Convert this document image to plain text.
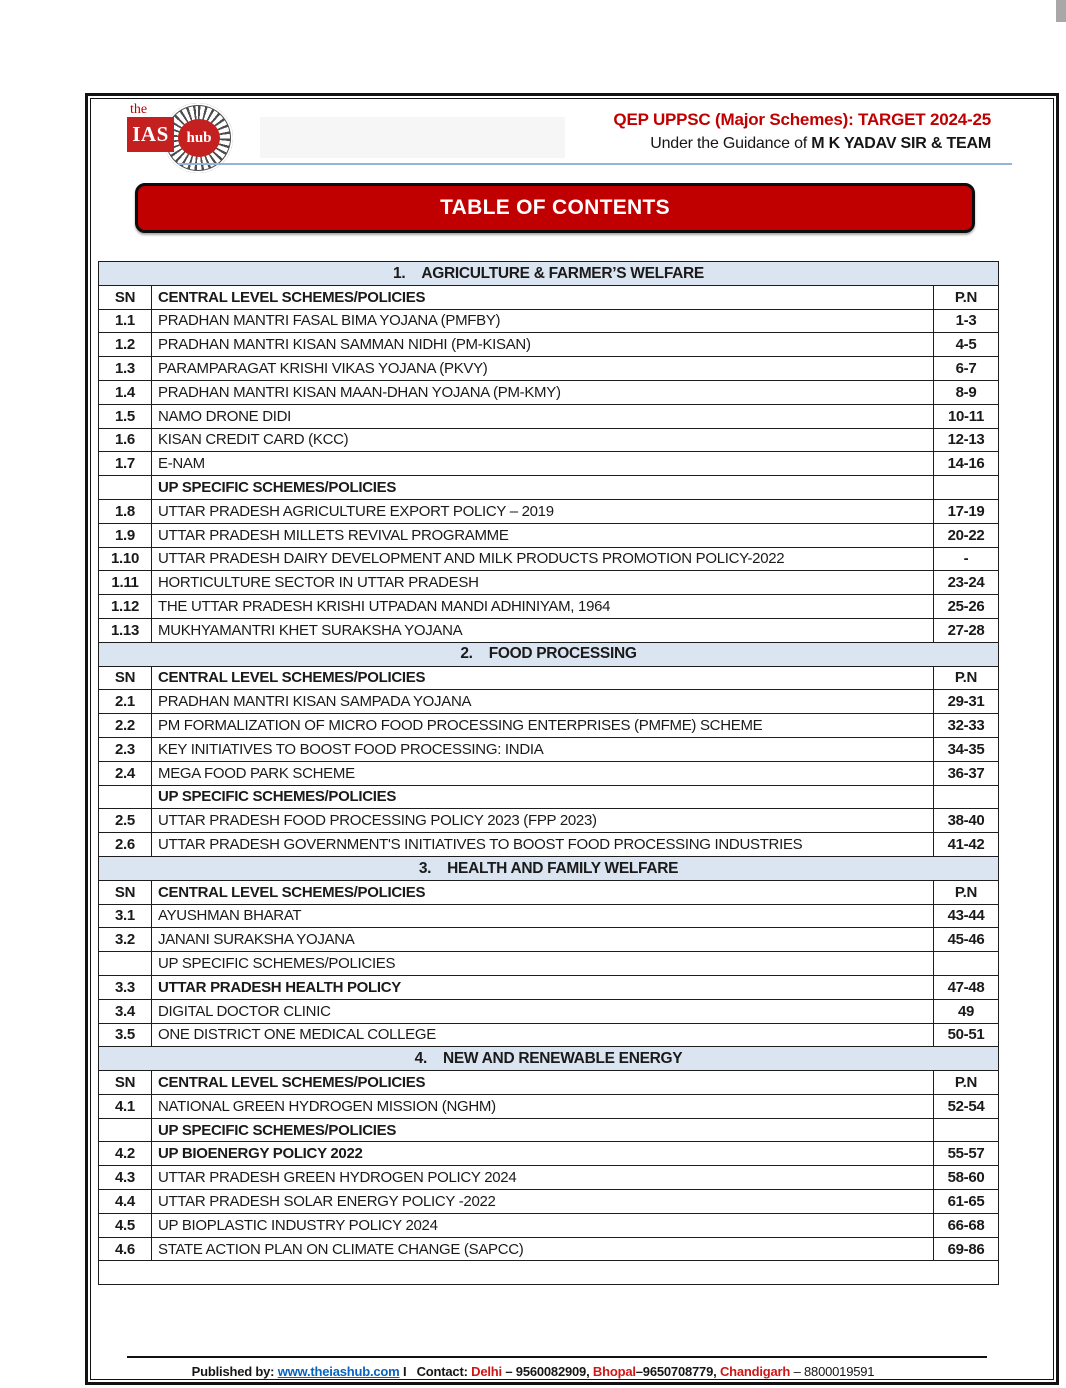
hub
IAS
the
QEP UPPSC (Major Schemes): TARGET 2024-25
Under the Guidance of M K YADAV SIR & TEAM
TABLE OF CONTENTS
1. AGRICULTURE & FARMER’S WELFARE		
SN	CENTRAL LEVEL SCHEMES/POLICIES	P.N
1.1	PRADHAN MANTRI FASAL BIMA YOJANA (PMFBY)	1-3
1.2	PRADHAN MANTRI KISAN SAMMAN NIDHI (PM-KISAN)	4-5
1.3	PARAMPARAGAT KRISHI VIKAS YOJANA (PKVY)	6-7
1.4	PRADHAN MANTRI KISAN MAAN-DHAN YOJANA (PM-KMY)	8-9
1.5	NAMO DRONE DIDI	10-11
1.6	KISAN CREDIT CARD (KCC)	12-13
1.7	E-NAM	14-16
	UP SPECIFIC SCHEMES/POLICIES	
1.8	UTTAR PRADESH AGRICULTURE EXPORT POLICY – 2019	17-19
1.9	UTTAR PRADESH MILLETS REVIVAL PROGRAMME	20-22
1.10	UTTAR PRADESH DAIRY DEVELOPMENT AND MILK PRODUCTS PROMOTION POLICY-2022	-
1.11	HORTICULTURE SECTOR IN UTTAR PRADESH	23-24
1.12	THE UTTAR PRADESH KRISHI UTPADAN MANDI ADHINIYAM, 1964	25-26
1.13	MUKHYAMANTRI KHET SURAKSHA YOJANA	27-28
2. FOOD PROCESSING		
SN	CENTRAL LEVEL SCHEMES/POLICIES	P.N
2.1	PRADHAN MANTRI KISAN SAMPADA YOJANA	29-31
2.2	PM FORMALIZATION OF MICRO FOOD PROCESSING ENTERPRISES (PMFME) SCHEME	32-33
2.3	KEY INITIATIVES TO BOOST FOOD PROCESSING: INDIA	34-35
2.4	MEGA FOOD PARK SCHEME	36-37
	UP SPECIFIC SCHEMES/POLICIES	
2.5	UTTAR PRADESH FOOD PROCESSING POLICY 2023 (FPP 2023)	38-40
2.6	UTTAR PRADESH GOVERNMENT'S INITIATIVES TO BOOST FOOD PROCESSING INDUSTRIES	41-42
3. HEALTH AND FAMILY WELFARE		
SN	CENTRAL LEVEL SCHEMES/POLICIES	P.N
3.1	AYUSHMAN BHARAT	43-44
3.2	JANANI SURAKSHA YOJANA	45-46
	UP SPECIFIC SCHEMES/POLICIES	
3.3	UTTAR PRADESH HEALTH POLICY	47-48
3.4	DIGITAL DOCTOR CLINIC	49
3.5	ONE DISTRICT ONE MEDICAL COLLEGE	50-51
4. NEW AND RENEWABLE ENERGY		
SN	CENTRAL LEVEL SCHEMES/POLICIES	P.N
4.1	NATIONAL GREEN HYDROGEN MISSION (NGHM)	52-54
	UP SPECIFIC SCHEMES/POLICIES	
4.2	UP BIOENERGY POLICY 2022	55-57
4.3	UTTAR PRADESH GREEN HYDROGEN POLICY 2024	58-60
4.4	UTTAR PRADESH SOLAR ENERGY POLICY -2022	61-65
4.5	UP BIOPLASTIC INDUSTRY POLICY 2024	66-68
4.6	STATE ACTION PLAN ON CLIMATE CHANGE (SAPCC)	69-86

Published by: www.theiashub.com I   Contact: Delhi – 9560082909, Bhopal–9650708779, Chandigarh – 8800019591
